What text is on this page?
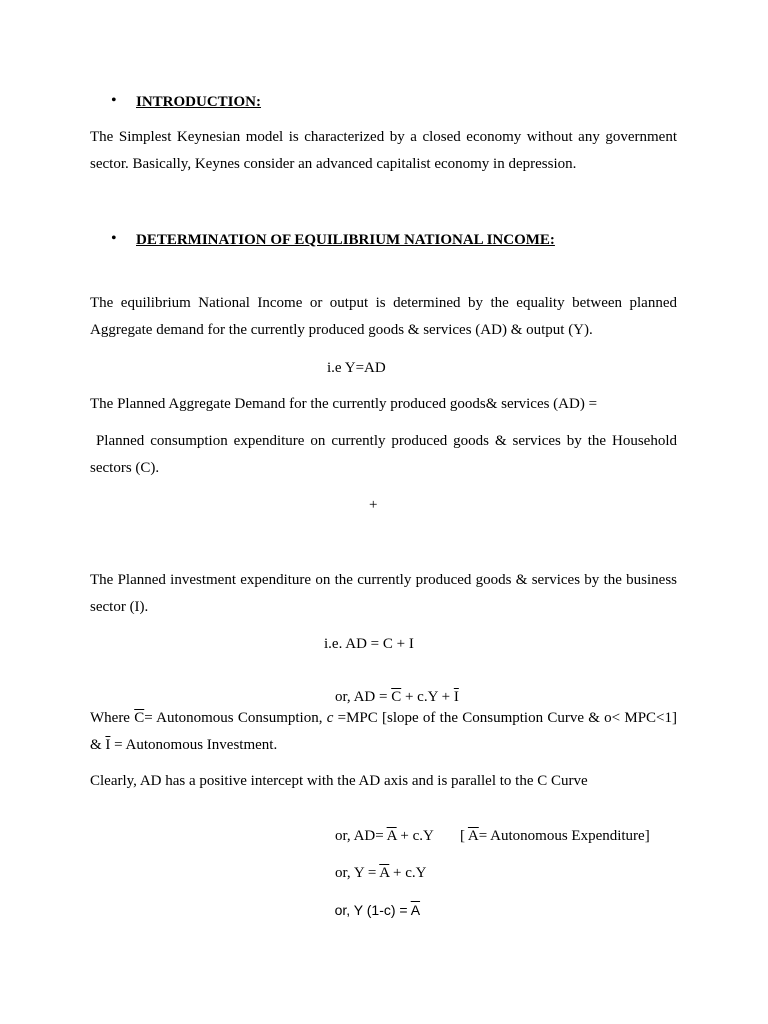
• INTRODUCTION:

The Simplest Keynesian model is characterized by a closed economy without any government sector. Basically, Keynes consider an advanced capitalist economy in depression.

• DETERMINATION OF EQUILIBRIUM NATIONAL INCOME:

The equilibrium National Income or output is determined by the equality between planned Aggregate demand for the currently produced goods & services (AD) & output (Y).

i.e Y=AD

The Planned Aggregate Demand for the currently produced goods& services (AD) =

Planned consumption expenditure on currently produced goods & services by the Household sectors (C).

+

The Planned investment expenditure on the currently produced goods & services by the business sector (I).

i.e. AD = C + I

or, AD = $\overline{C} + c.Y + \overline{I}$

Where $\overline{C}=$ Autonomous Consumption, c =MPC [slope of the Consumption Curve & o< MPC<1] & $\overline{I}$ = Autonomous Investment.

Clearly, AD has a positive intercept with the AD axis and is parallel to the C Curve

or, $AD= \overline{A} + c.Y$
	[ $\overline{A}=$ Autonomous Expenditure]

or, $Y = \overline{A} + c.Y$

or, Y $(1-c) = \overline{A}$
